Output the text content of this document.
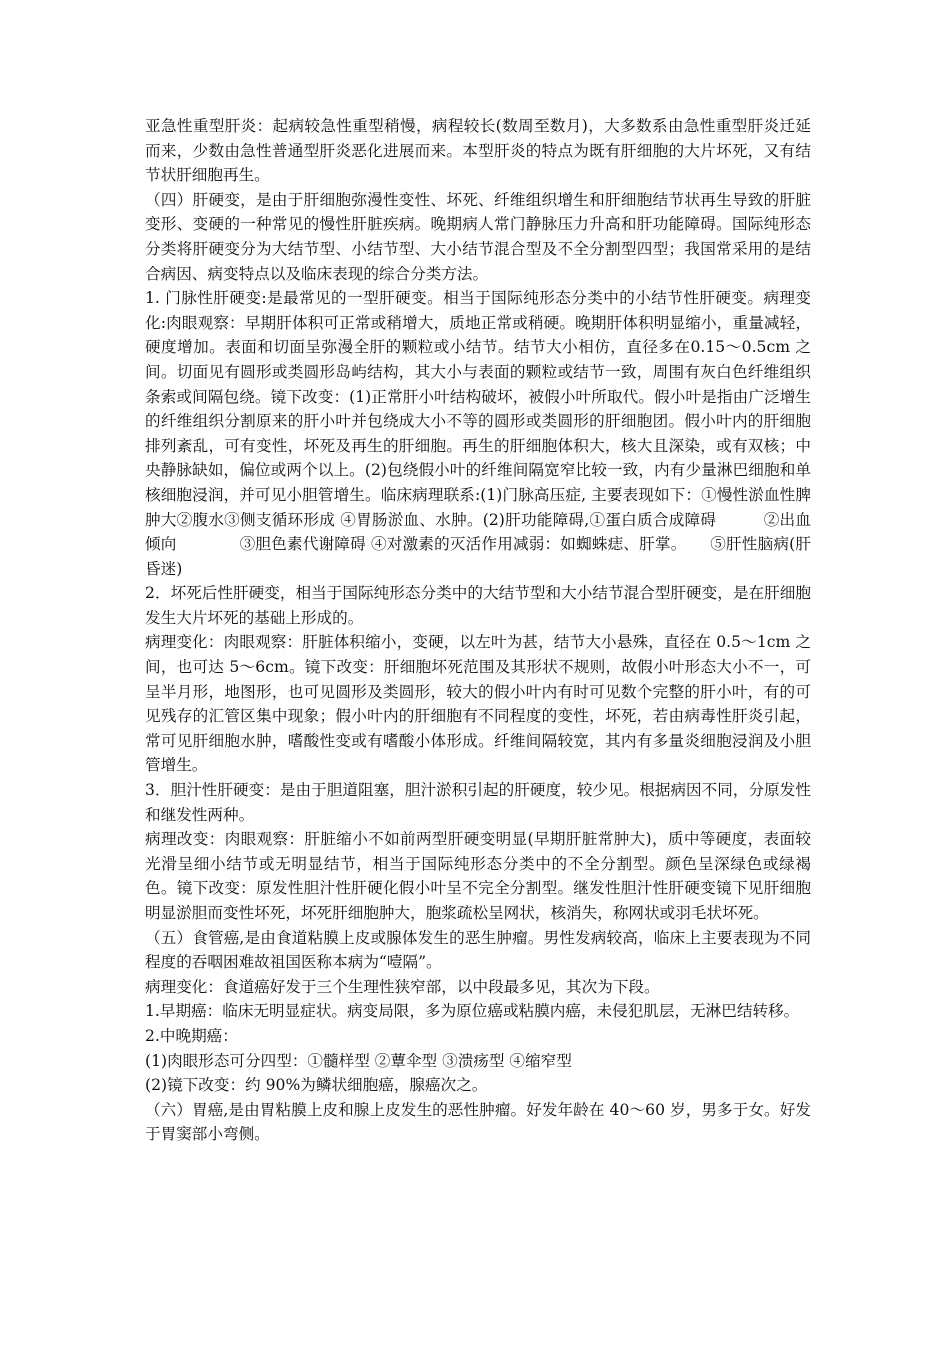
亚急性重型肝炎：起病较急性重型稍慢，病程较长(数周至数月)，大多数系由急性重型肝炎迁延而来，少数由急性普通型肝炎恶化进展而来。本型肝炎的特点为既有肝细胞的大片坏死，又有结节状肝细胞再生。

（四）肝硬变，是由于肝细胞弥漫性变性、坏死、纤维组织增生和肝细胞结节状再生导致的肝脏变形、变硬的一种常见的慢性肝脏疾病。晚期病人常门静脉压力升高和肝功能障碍。国际纯形态分类将肝硬变分为大结节型、小结节型、大小结节混合型及不全分割型四型；我国常采用的是结合病因、病变特点以及临床表现的综合分类方法。

1. 门脉性肝硬变:是最常见的一型肝硬变。相当于国际纯形态分类中的小结节性肝硬变。病理变化:肉眼观察：早期肝体积可正常或稍增大，质地正常或稍硬。晚期肝体积明显缩小，重量减轻，硬度增加。表面和切面呈弥漫全肝的颗粒或小结节。结节大小相仿，直径多在0.15～0.5cm 之间。切面见有圆形或类圆形岛屿结构，其大小与表面的颗粒或结节一致，周围有灰白色纤维组织条索或间隔包绕。镜下改变：(1)正常肝小叶结构破坏，被假小叶所取代。假小叶是指由广泛增生的纤维组织分割原来的肝小叶并包绕成大小不等的圆形或类圆形的肝细胞团。假小叶内的肝细胞排列紊乱，可有变性，坏死及再生的肝细胞。再生的肝细胞体积大，核大且深染，或有双核；中央静脉缺如，偏位或两个以上。(2)包绕假小叶的纤维间隔宽窄比较一致，内有少量淋巴细胞和单核细胞浸润，并可见小胆管增生。临床病理联系:(1)门脉高压症, 主要表现如下：①慢性淤血性脾肿大②腹水③侧支循环形成 ④胃肠淤血、水肿。(2)肝功能障碍,①蛋白质合成障碍　　　②出血倾向　　　　③胆色素代谢障碍 ④对激素的灭活作用减弱：如蜘蛛痣、肝掌。　　⑤肝性脑病(肝昏迷)

2．坏死后性肝硬变，相当于国际纯形态分类中的大结节型和大小结节混合型肝硬变，是在肝细胞发生大片坏死的基础上形成的。

病理变化：肉眼观察：肝脏体积缩小，变硬，以左叶为甚，结节大小悬殊，直径在 0.5～1cm 之间，也可达 5～6cm。镜下改变：肝细胞坏死范围及其形状不规则，故假小叶形态大小不一，可呈半月形，地图形，也可见圆形及类圆形，较大的假小叶内有时可见数个完整的肝小叶，有的可见残存的汇管区集中现象；假小叶内的肝细胞有不同程度的变性，坏死，若由病毒性肝炎引起，常可见肝细胞水肿，嗜酸性变或有嗜酸小体形成。纤维间隔较宽，其内有多量炎细胞浸润及小胆管增生。

3．胆汁性肝硬变：是由于胆道阻塞，胆汁淤积引起的肝硬度，较少见。根据病因不同，分原发性和继发性两种。

病理改变：肉眼观察：肝脏缩小不如前两型肝硬变明显(早期肝脏常肿大)，质中等硬度，表面较光滑呈细小结节或无明显结节，相当于国际纯形态分类中的不全分割型。颜色呈深绿色或绿褐色。镜下改变：原发性胆汁性肝硬化假小叶呈不完全分割型。继发性胆汁性肝硬变镜下见肝细胞明显淤胆而变性坏死，坏死肝细胞肿大，胞浆疏松呈网状，核消失，称网状或羽毛状坏死。

（五）食管癌,是由食道粘膜上皮或腺体发生的恶生肿瘤。男性发病较高，临床上主要表现为不同程度的吞咽困难故祖国医称本病为“噎隔”。

病理变化：食道癌好发于三个生理性狭窄部，以中段最多见，其次为下段。

1.早期癌：临床无明显症状。病变局限，多为原位癌或粘膜内癌，未侵犯肌层，无淋巴结转移。

2.中晚期癌：

(1)肉眼形态可分四型：①髓样型 ②蕈伞型 ③溃疡型 ④缩窄型

(2)镜下改变：约 90%为鳞状细胞癌，腺癌次之。

（六）胃癌,是由胃粘膜上皮和腺上皮发生的恶性肿瘤。好发年龄在 40～60 岁，男多于女。好发于胃窦部小弯侧。
